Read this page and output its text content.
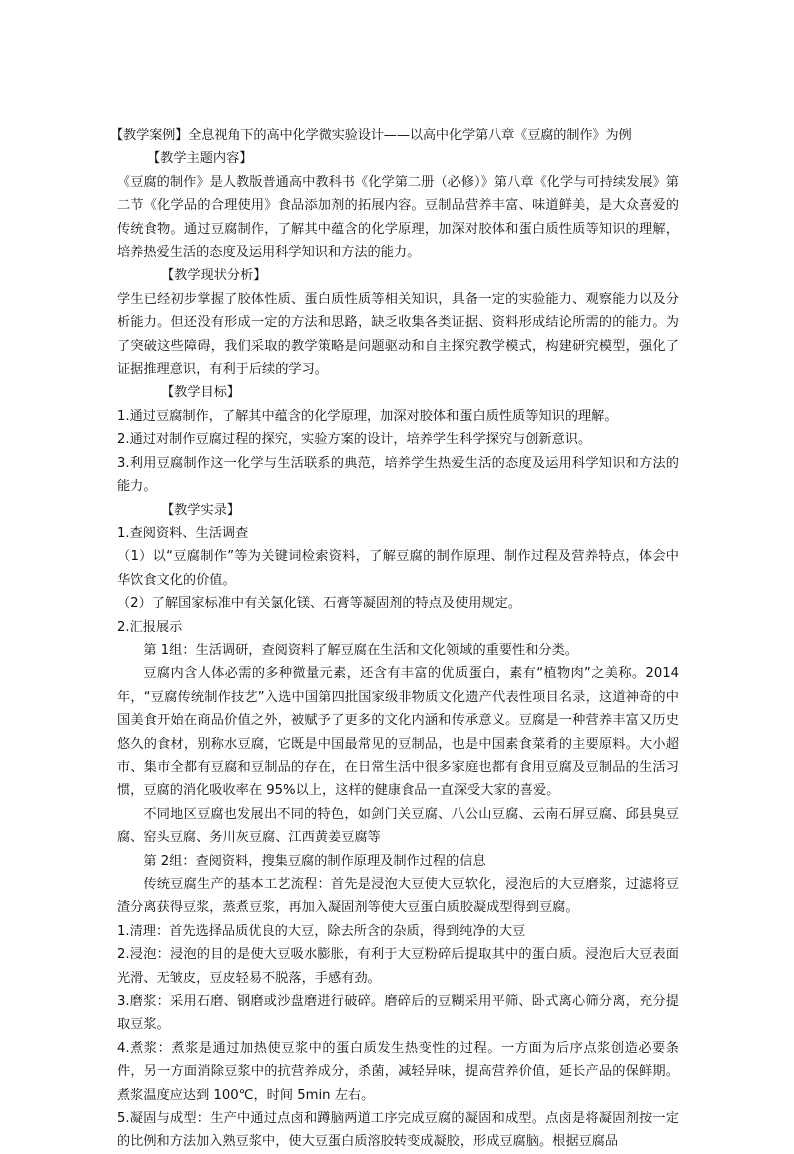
【教学案例】全息视角下的高中化学微实验设计——以高中化学第八章《豆腐的制作》为例

【教学主题内容】

《豆腐的制作》是人教版普通高中教科书《化学第二册（必修）》第八章《化学与可持续发展》第二节《化学品的合理使用》食品添加剂的拓展内容。豆制品营养丰富、味道鲜美，是大众喜爱的传统食物。通过豆腐制作，了解其中蕴含的化学原理，加深对胶体和蛋白质性质等知识的理解，培养热爱生活的态度及运用科学知识和方法的能力。

【教学现状分析】

学生已经初步掌握了胶体性质、蛋白质性质等相关知识，具备一定的实验能力、观察能力以及分析能力。但还没有形成一定的方法和思路，缺乏收集各类证据、资料形成结论所需的的能力。为了突破这些障碍，我们采取的教学策略是问题驱动和自主探究教学模式，构建研究模型，强化了证据推理意识，有利于后续的学习。

【教学目标】

1.通过豆腐制作，了解其中蕴含的化学原理，加深对胶体和蛋白质性质等知识的理解。

2.通过对制作豆腐过程的探究，实验方案的设计，培养学生科学探究与创新意识。

3.利用豆腐制作这一化学与生活联系的典范，培养学生热爱生活的态度及运用科学知识和方法的能力。

【教学实录】

1.查阅资料、生活调查

（1）以“豆腐制作”等为关键词检索资料，了解豆腐的制作原理、制作过程及营养特点，体会中华饮食文化的价值。

（2）了解国家标准中有关氯化镁、石膏等凝固剂的特点及使用规定。

2.汇报展示

第 1组：生活调研，查阅资料了解豆腐在生活和文化领域的重要性和分类。

豆腐内含人体必需的多种微量元素，还含有丰富的优质蛋白，素有“植物肉”之美称。2014年，“豆腐传统制作技艺”入选中国第四批国家级非物质文化遗产代表性项目名录，这道神奇的中国美食开始在商品价值之外，被赋予了更多的文化内涵和传承意义。豆腐是一种营养丰富又历史悠久的食材，别称水豆腐，它既是中国最常见的豆制品，也是中国素食菜肴的主要原料。大小超市、集市全都有豆腐和豆制品的存在，在日常生活中很多家庭也都有食用豆腐及豆制品的生活习惯，豆腐的消化吸收率在 95%以上，这样的健康食品一直深受大家的喜爱。

不同地区豆腐也发展出不同的特色，如剑门关豆腐、八公山豆腐、云南石屏豆腐、邱县臭豆腐、窑头豆腐、务川灰豆腐、江西黄姜豆腐等

第 2组：查阅资料，搜集豆腐的制作原理及制作过程的信息

传统豆腐生产的基本工艺流程：首先是浸泡大豆使大豆软化，浸泡后的大豆磨浆，过滤将豆渣分离获得豆浆，蒸煮豆浆，再加入凝固剂等使大豆蛋白质胶凝成型得到豆腐。

1.清理：首先选择品质优良的大豆，除去所含的杂质，得到纯净的大豆

2.浸泡：浸泡的目的是使大豆吸水膨胀，有利于大豆粉碎后提取其中的蛋白质。浸泡后大豆表面光滑、无皱皮，豆皮轻易不脱落，手感有劲。

3.磨浆：采用石磨、钢磨或沙盘磨进行破碎。磨碎后的豆糊采用平筛、卧式离心筛分离，充分提取豆浆。

4.煮浆：煮浆是通过加热使豆浆中的蛋白质发生热变性的过程。一方面为后序点浆创造必要条件，另一方面消除豆浆中的抗营养成分，杀菌，减轻异味，提高营养价值，延长产品的保鲜期。煮浆温度应达到 100℃，时间 5min 左右。

5.凝固与成型：生产中通过点卤和蹲脑两道工序完成豆腐的凝固和成型。点卤是将凝固剂按一定的比例和方法加入熟豆浆中，使大豆蛋白质溶胶转变成凝胶，形成豆腐脑。根据豆腐品
